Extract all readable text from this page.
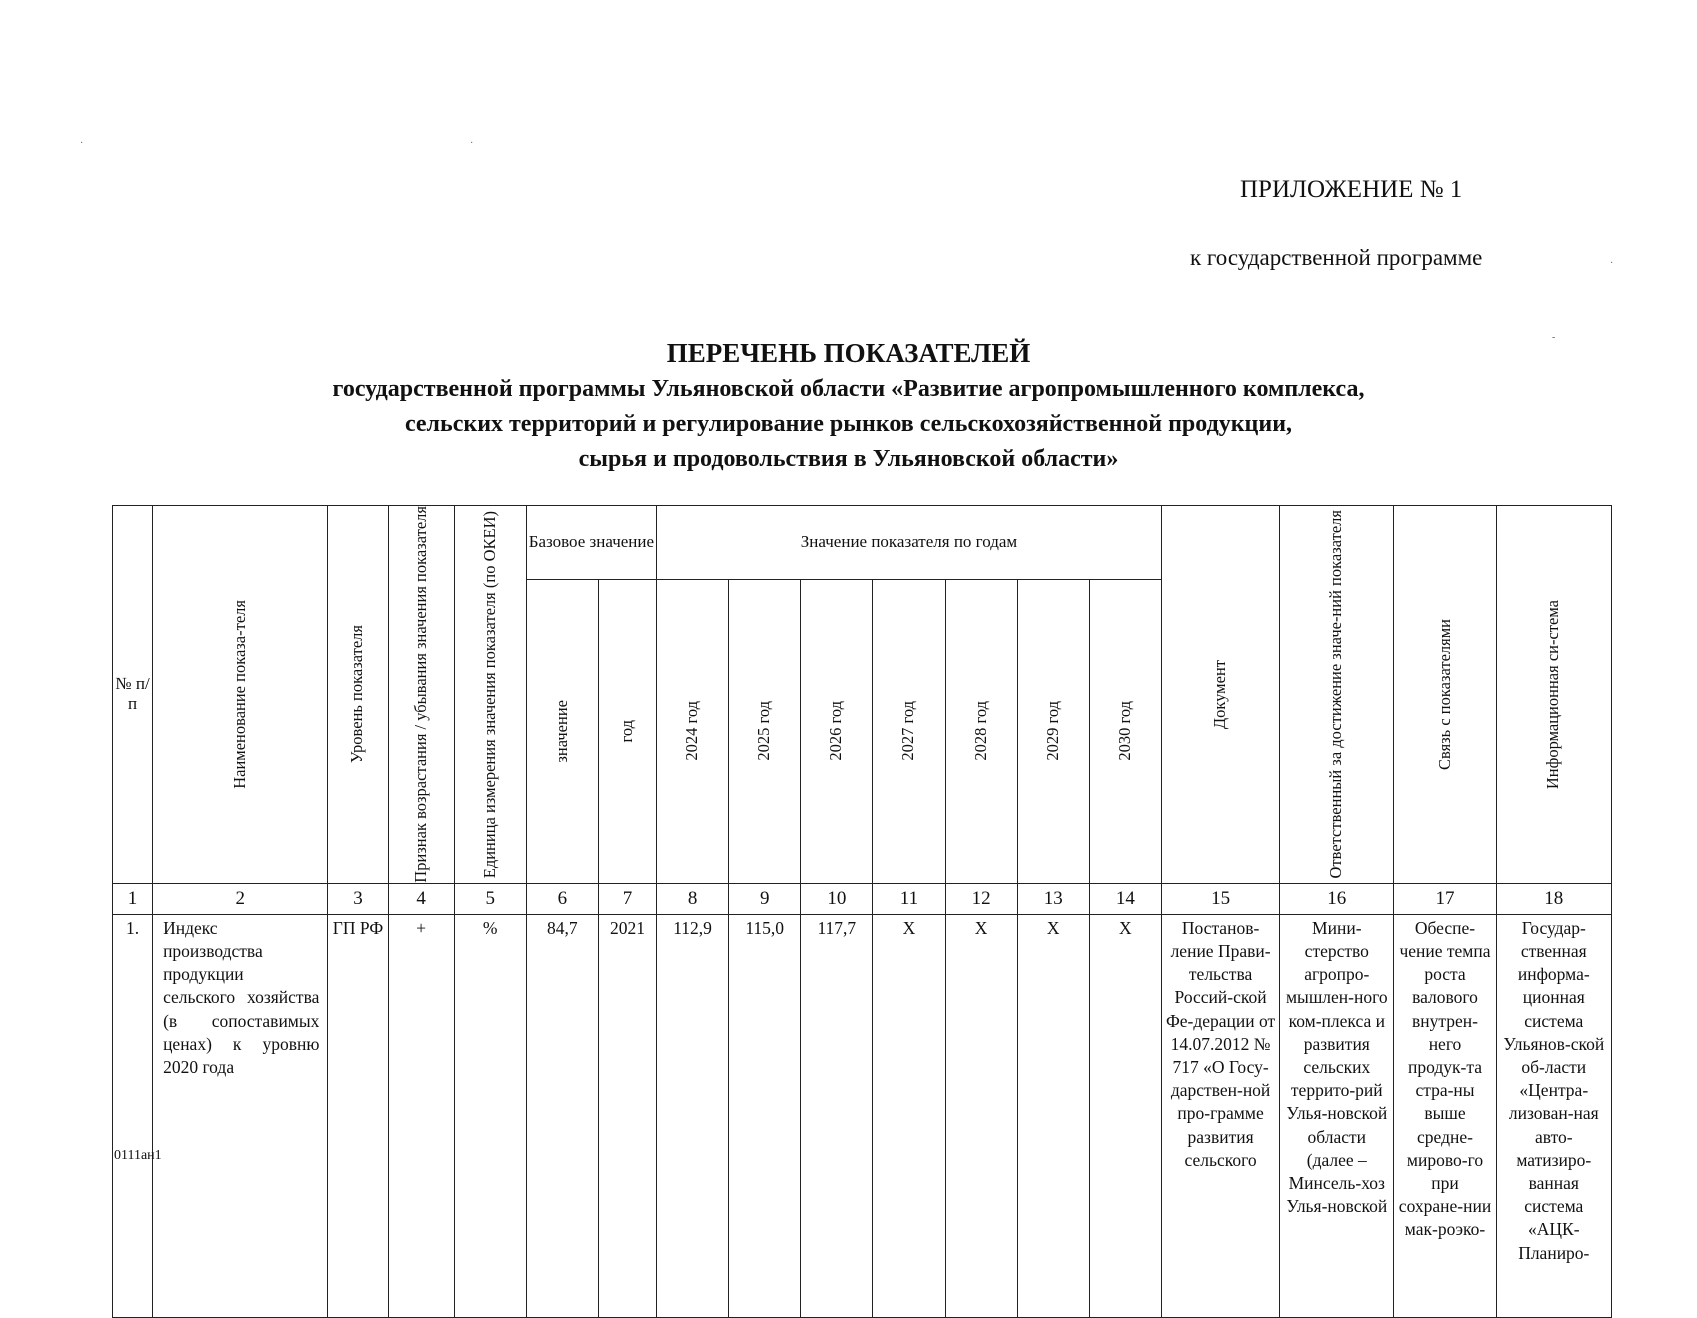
ПРИЛОЖЕНИЕ № 1
к государственной программе
ПЕРЕЧЕНЬ ПОКАЗАТЕЛЕЙ
государственной программы Ульяновской области «Развитие агропромышленного комплекса,
сельских территорий и регулирование рынков сельскохозяйственной продукции,
сырья и продовольствия в Ульяновской области»
№ п/п	Наименование показа-теля	Уровень показателя	Признак возрастания / убывания значения показателя	Единица измерения значения показателя (по ОКЕИ)	Базовое значение		Значение показателя по годам							Документ	Ответственный за достижение значе-ний показателя	Связь с показателями	Информационная си-стема

					значение	год	2024 год	2025 год	2026 год	2027 год	2028 год	2029 год	2030 год				

1	2	3	4	5	6	7	8	9	10	11	12	13	14	15	16	17	18
1.	Индекс производства продукции сельского хозяйства (в сопоставимых ценах) к уровню 2020 года	ГП РФ	+	%	84,7	2021	112,9	115,0	117,7	X	X	X	X	Постанов-ление Прави-тельства Россий-ской Фе-дерации от 14.07.2012 № 717 «О Госу-дарствен-ной про-грамме развития сельского	Мини-стерство агропро-мышлен-ного ком-плекса и развития сельских террито-рий Улья-новской области (далее – Минсель-хоз Улья-новской	Обеспе-чение темпа роста валового внутрен-него продук-та стра-ны выше средне-мирово-го при сохране-нии мак-роэко-	Государ-ственная информа-ционная система Ульянов-ской об-ласти «Центра-лизован-ная авто-матизиро-ванная система «АЦК-Планиро-
0111ан1
·	·
·
-
